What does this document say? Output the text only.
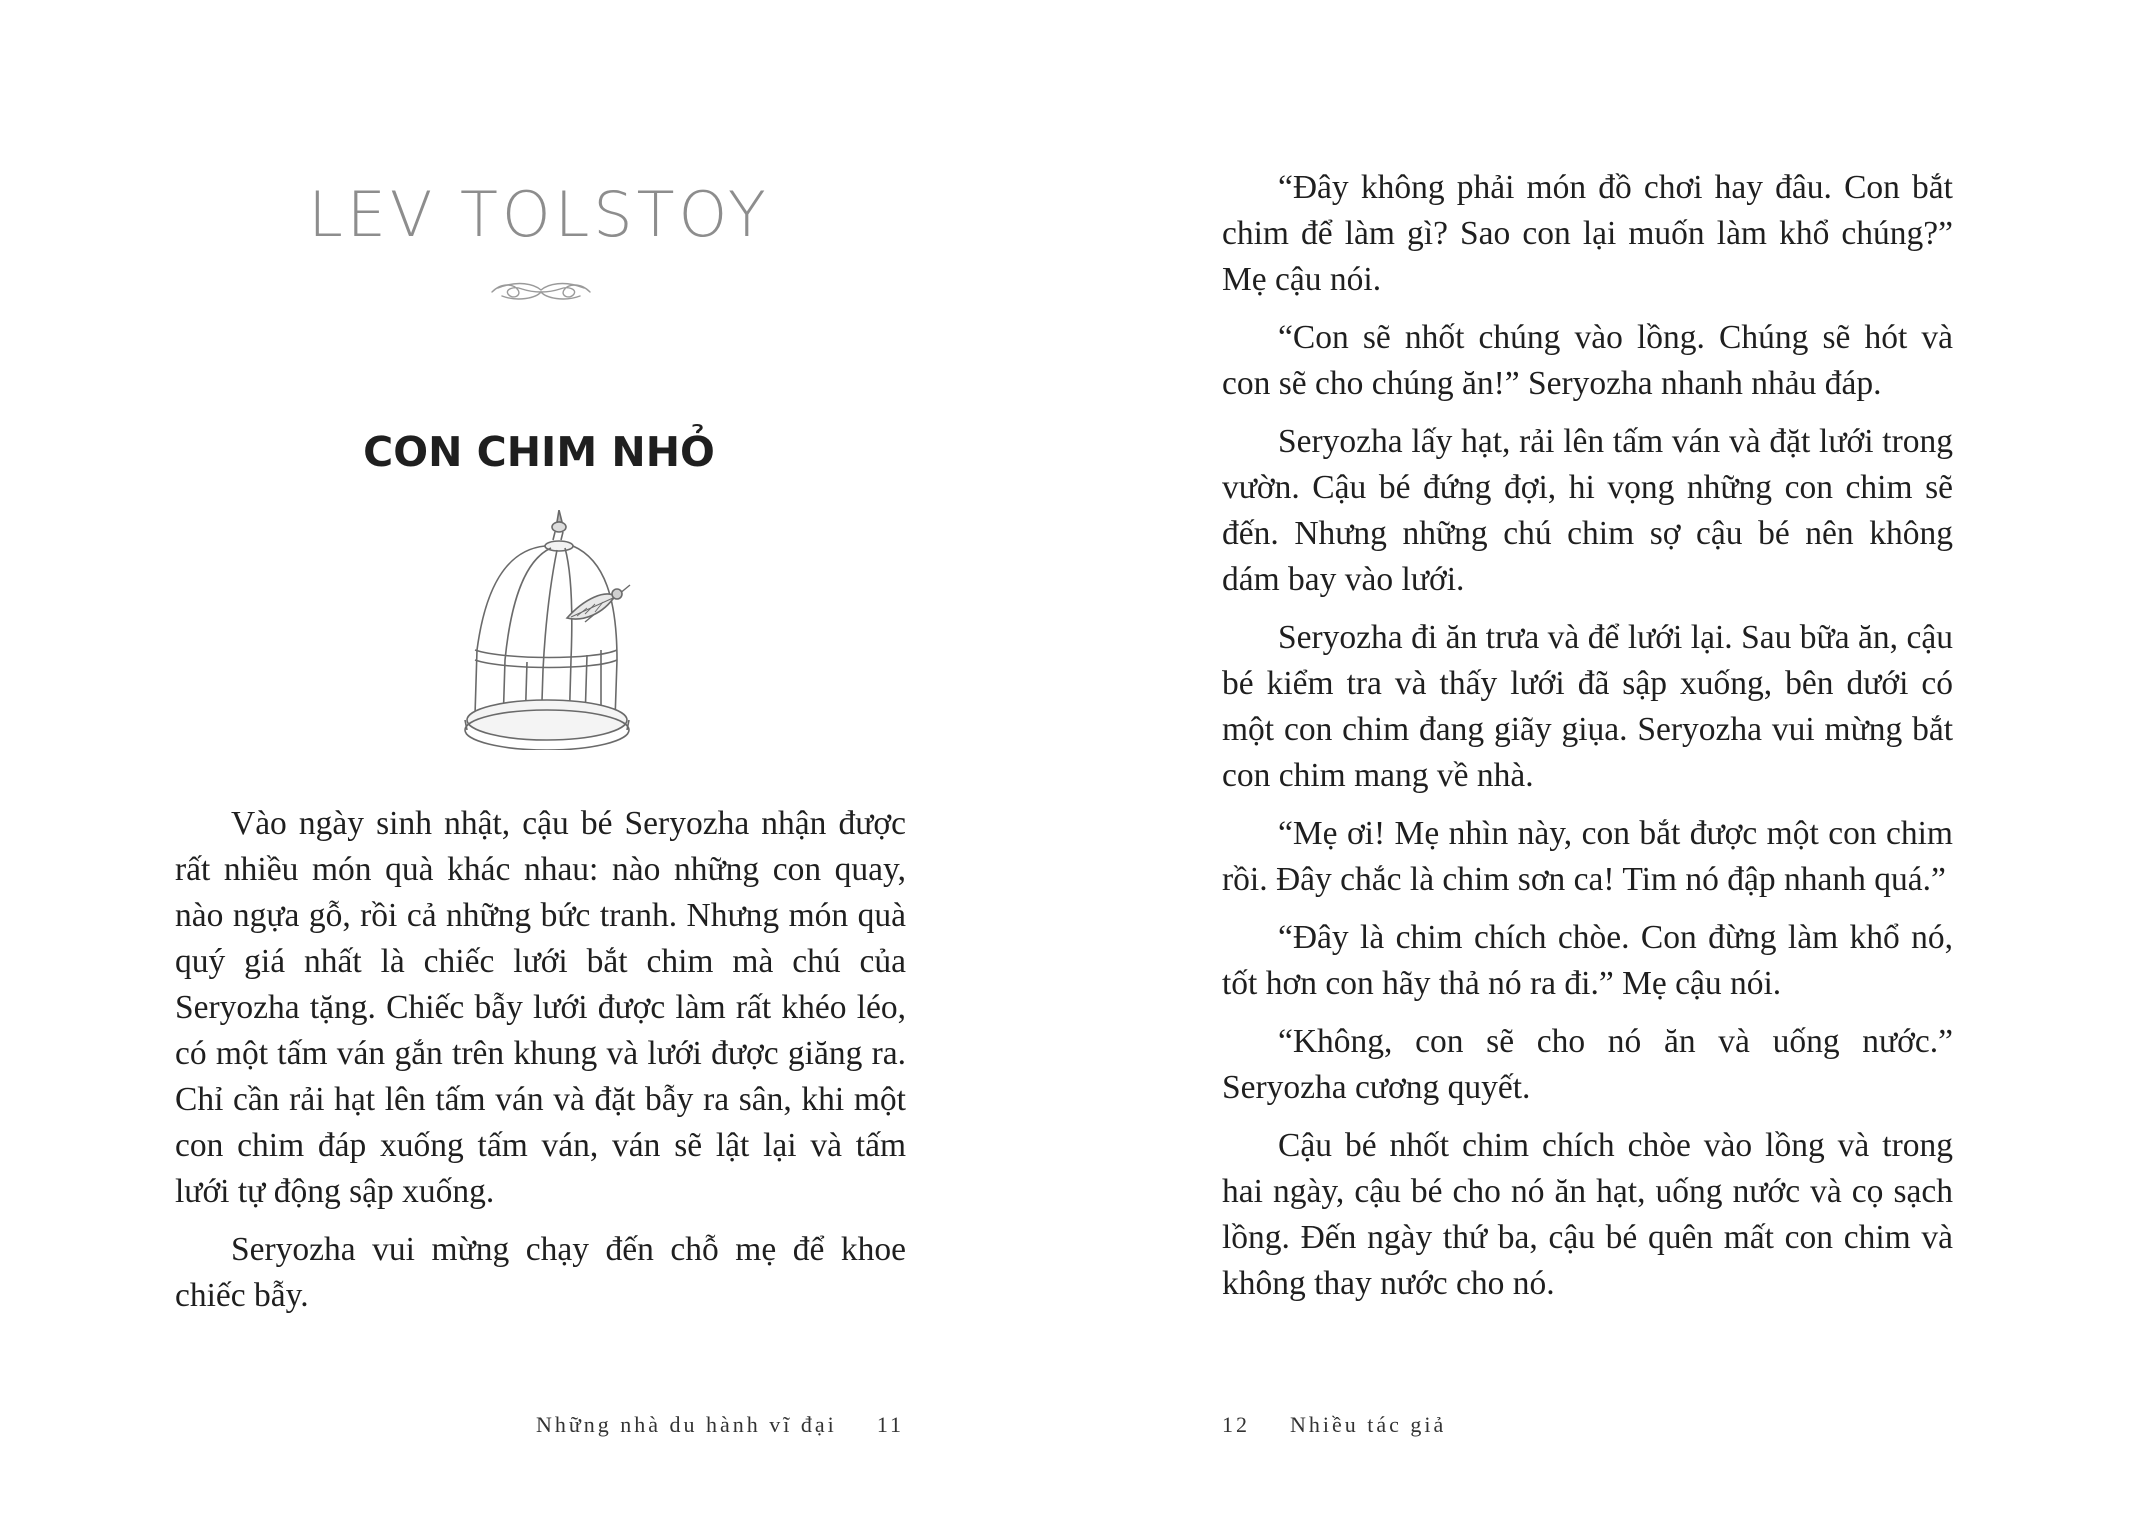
LEV TOLSTOY
CON CHIM NHỎ

Vào ngày sinh nhật, cậu bé Seryozha nhận được rất nhiều món quà khác nhau: nào những con quay, nào ngựa gỗ, rồi cả những bức tranh. Nhưng món quà quý giá nhất là chiếc lưới bắt chim mà chú của Seryozha tặng. Chiếc bẫy lưới được làm rất khéo léo, có một tấm ván gắn trên khung và lưới được giăng ra. Chỉ cần rải hạt lên tấm ván và đặt bẫy ra sân, khi một con chim đáp xuống tấm ván, ván sẽ lật lại và tấm lưới tự động sập xuống.

Seryozha vui mừng chạy đến chỗ mẹ để khoe chiếc bẫy.

Những nhà du hành vĩ đại 11

“Đây không phải món đồ chơi hay đâu. Con bắt chim để làm gì? Sao con lại muốn làm khổ chúng?” Mẹ cậu nói.

“Con sẽ nhốt chúng vào lồng. Chúng sẽ hót và con sẽ cho chúng ăn!” Seryozha nhanh nhảu đáp.

Seryozha lấy hạt, rải lên tấm ván và đặt lưới trong vườn. Cậu bé đứng đợi, hi vọng những con chim sẽ đến. Nhưng những chú chim sợ cậu bé nên không dám bay vào lưới.

Seryozha đi ăn trưa và để lưới lại. Sau bữa ăn, cậu bé kiểm tra và thấy lưới đã sập xuống, bên dưới có một con chim đang giãy giụa. Seryozha vui mừng bắt con chim mang về nhà.

“Mẹ ơi! Mẹ nhìn này, con bắt được một con chim rồi. Đây chắc là chim sơn ca! Tim nó đập nhanh quá.”

“Đây là chim chích chòe. Con đừng làm khổ nó, tốt hơn con hãy thả nó ra đi.” Mẹ cậu nói.

“Không, con sẽ cho nó ăn và uống nước.” Seryozha cương quyết.

Cậu bé nhốt chim chích chòe vào lồng và trong hai ngày, cậu bé cho nó ăn hạt, uống nước và cọ sạch lồng. Đến ngày thứ ba, cậu bé quên mất con chim và không thay nước cho nó.

12 Nhiều tác giả
